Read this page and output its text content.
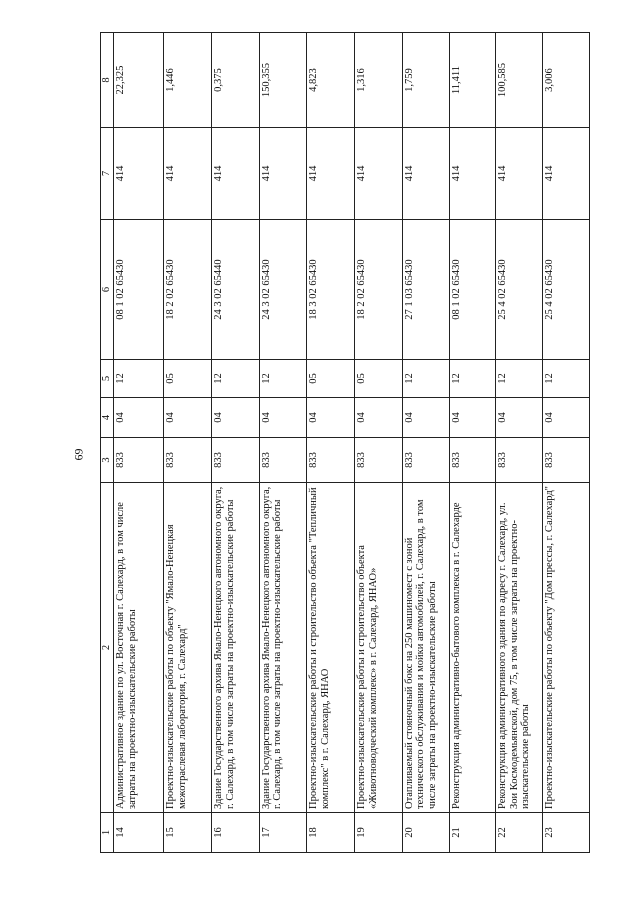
69
1	2	3	4	5	6	7	8
14	Административное здание по ул. Восточная г. Салехард, в том числе затраты на проектно-изыскательские работы	833	04	12	08 1 02 65430	414	22,325
15	Проектно-изыскательские работы по объекту "Ямало-Ненецкая межотраслевая лаборатория, г. Салехард"	833	04	05	18 2 02 65430	414	1,446
16	Здание Государственного архива Ямало-Ненецкого автономного округа, г. Салехард, в том числе затраты на проектно-изыскательские работы	833	04	12	24 3 02 65440	414	0,375
17	Здание Государственного архива Ямало-Ненецкого автономного округа, г. Салехард, в том числе затраты на проектно-изыскательские работы	833	04	12	24 3 02 65430	414	150,355
18	Проектно-изыскательские работы и строительство объекта "Тепличный комплекс" в г. Салехард, ЯНАО	833	04	05	18 3 02 65430	414	4,823
19	Проектно-изыскательские работы и строительство объекта «Животноводческий комплекс» в г. Салехард, ЯНАО»	833	04	05	18 2 02 65430	414	1,316
20	Отапливаемый стояночный бокс на 250 машиномест с зоной технического обслуживания и мойки автомобилей, г. Салехард, в том числе затраты на проектно-изыскательские работы	833	04	12	27 1 03 65430	414	1,759
21	Реконструкция административно-бытового комплекса в г. Салехарде	833	04	12	08 1 02 65430	414	11,411
22	Реконструкция административного здания по адресу г. Салехард, ул. Зои Космодемьянской, дом 75, в том числе затраты на проектно-изыскательские работы	833	04	12	25 4 02 65430	414	100,585
23	Проектно-изыскательские работы по объекту "Дом прессы, г. Салехард"	833	04	12	25 4 02 65430	414	3,006
